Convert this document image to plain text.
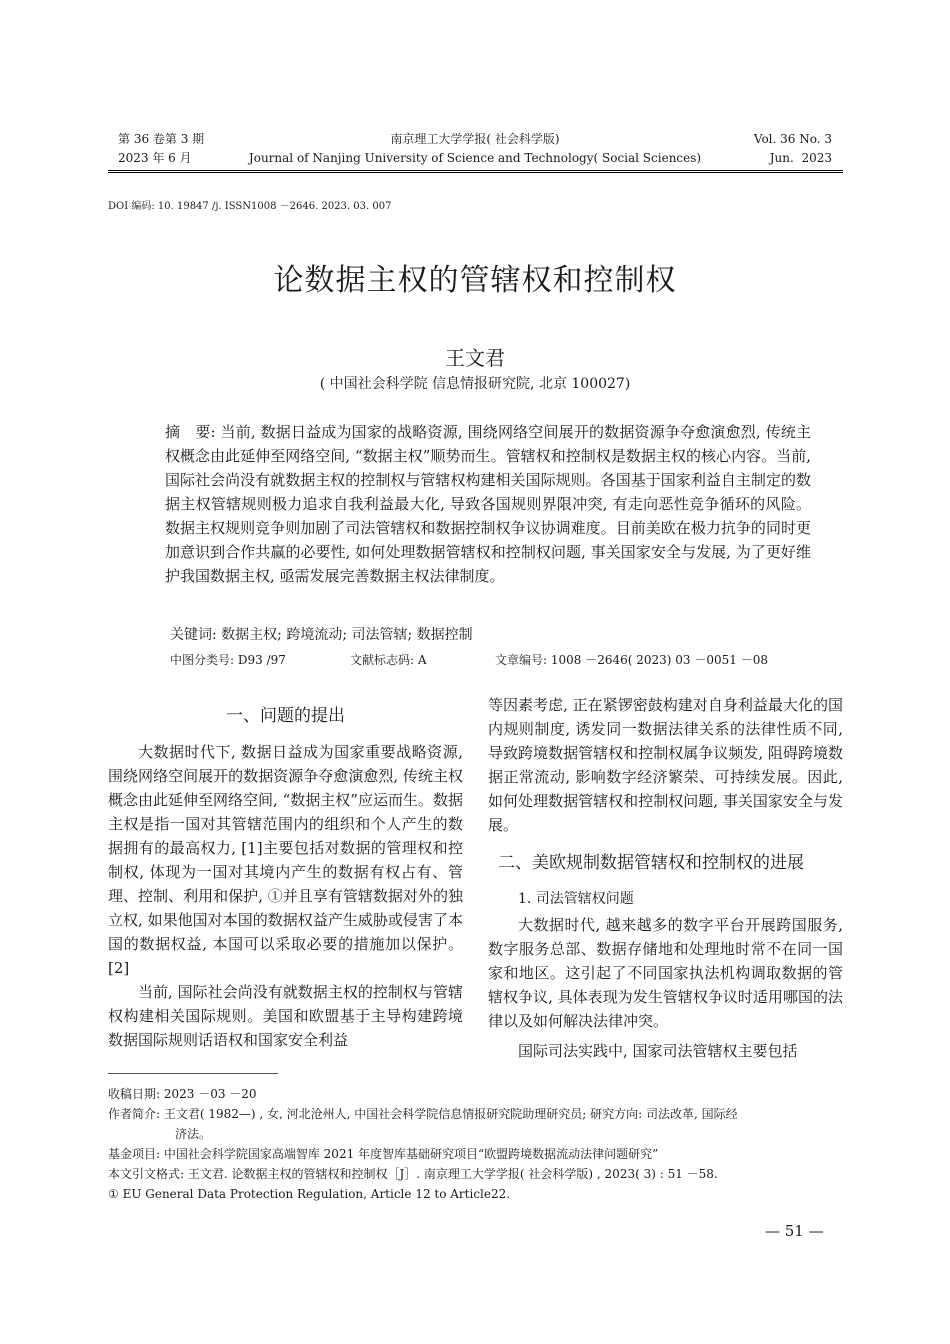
第 36 卷第 3 期
2023 年 6 月
南京理工大学学报( 社会科学版)
Journal of Nanjing University of Science and Technology( Social Sciences)
Vol. 36 No. 3
Jun.  2023
DOI 编码: 10. 19847 /j. ISSN1008 －2646. 2023. 03. 007
论数据主权的管辖权和控制权
王文君
( 中国社会科学院 信息情报研究院, 北京 100027)
摘　要: 当前, 数据日益成为国家的战略资源, 围绕网络空间展开的数据资源争夺愈演愈烈, 传统主权概念由此延伸至网络空间, “数据主权”顺势而生。管辖权和控制权是数据主权的核心内容。当前, 国际社会尚没有就数据主权的控制权与管辖权构建相关国际规则。各国基于国家利益自主制定的数据主权管辖规则极力追求自我利益最大化, 导致各国规则界限冲突, 有走向恶性竞争循环的风险。数据主权规则竞争则加剧了司法管辖权和数据控制权争议协调难度。目前美欧在极力抗争的同时更加意识到合作共赢的必要性, 如何处理数据管辖权和控制权问题, 事关国家安全与发展, 为了更好维护我国数据主权, 亟需发展完善数据主权法律制度。
关键词: 数据主权; 跨境流动; 司法管辖; 数据控制
中图分类号: D93 /97	文献标志码: A	文章编号: 1008 －2646( 2023) 03 －0051 －08
一、问题的提出

大数据时代下, 数据日益成为国家重要战略资源, 围绕网络空间展开的数据资源争夺愈演愈烈, 传统主权概念由此延伸至网络空间, “数据主权”应运而生。数据主权是指一国对其管辖范围内的组织和个人产生的数据拥有的最高权力, [1]主要包括对数据的管理权和控制权, 体现为一国对其境内产生的数据有权占有、管理、控制、利用和保护, ①并且享有管辖数据对外的独立权, 如果他国对本国的数据权益产生威胁或侵害了本国的数据权益, 本国可以采取必要的措施加以保护。[2]

当前, 国际社会尚没有就数据主权的控制权与管辖权构建相关国际规则。美国和欧盟基于主导构建跨境数据国际规则话语权和国家安全利益

等因素考虑, 正在紧锣密鼓构建对自身利益最大化的国内规则制度, 诱发同一数据法律关系的法律性质不同, 导致跨境数据管辖权和控制权属争议频发, 阻碍跨境数据正常流动, 影响数字经济繁荣、可持续发展。因此, 如何处理数据管辖权和控制权问题, 事关国家安全与发展。

二、美欧规制数据管辖权和控制权的进展
1. 司法管辖权问题

大数据时代, 越来越多的数字平台开展跨国服务, 数字服务总部、数据存储地和处理地时常不在同一国家和地区。这引起了不同国家执法机构调取数据的管辖权争议, 具体表现为发生管辖权争议时适用哪国的法律以及如何解决法律冲突。

国际司法实践中, 国家司法管辖权主要包括

收稿日期: 2023 －03 －20
作者简介: 王文君( 1982—) , 女, 河北沧州人, 中国社会科学院信息情报研究院助理研究员; 研究方向: 司法改革, 国际经
济法。
基金项目: 中国社会科学院国家高端智库 2021 年度智库基础研究项目“欧盟跨境数据流动法律问题研究”
本文引文格式: 王文君. 论数据主权的管辖权和控制权［J］. 南京理工大学学报( 社会科学版) , 2023( 3) : 51 －58.
① EU General Data Protection Regulation, Article 12 to Article22.
— 51 —
